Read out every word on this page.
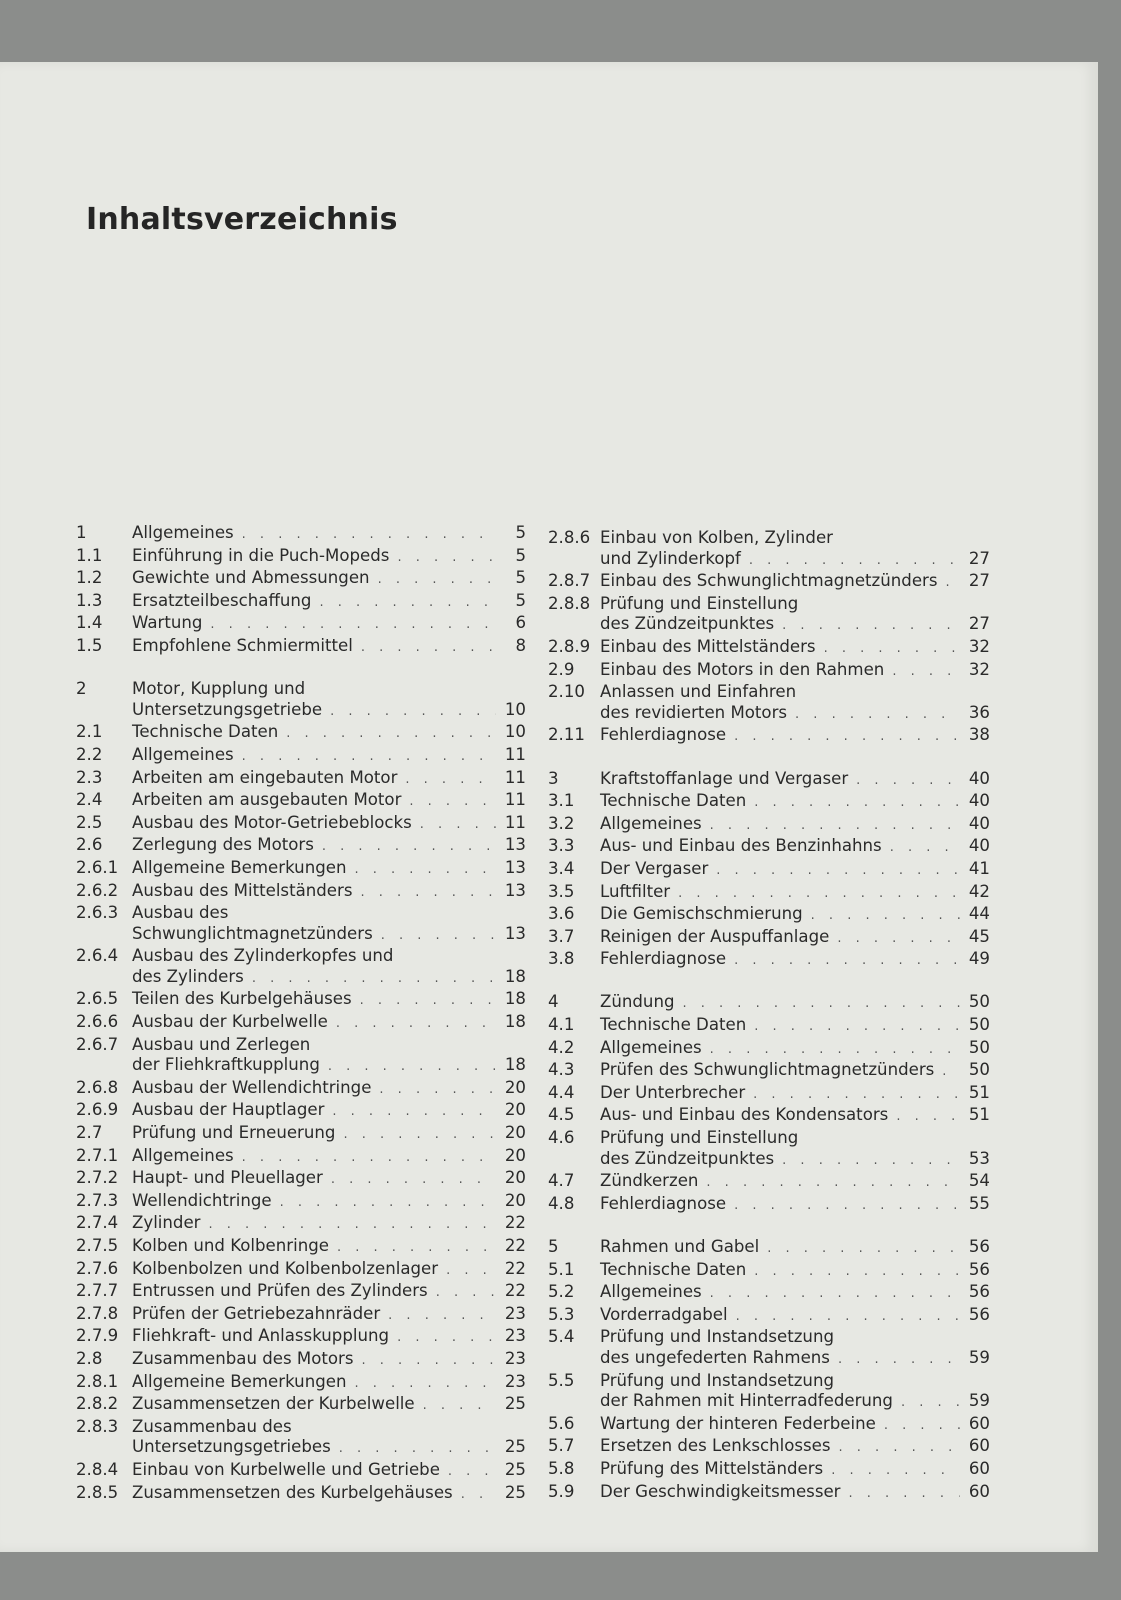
Inhaltsverzeichnis
1	Allgemeines . . .	5
1.1	Einführung in die Puch-Mopeds . . .	5
1.2	Gewichte und Abmessungen . . .	5
1.3	Ersatzteilbeschaffung . . .	5
1.4	Wartung . . .	6
1.5	Empfohlene Schmiermittel . . .	8
2	Motor, Kupplung und
Untersetzungsgetriebe . . .	10
2.1	Technische Daten . . .	10
2.2	Allgemeines . . .	11
2.3	Arbeiten am eingebauten Motor . . .	11
2.4	Arbeiten am ausgebauten Motor . . .	11
2.5	Ausbau des Motor-Getriebeblocks . . .	11
2.6	Zerlegung des Motors . . .	13
2.6.1 Allgemeine Bemerkungen . . .	13
2.6.2 Ausbau des Mittelständers . . .	13
2.6.3 Ausbau des
Schwunglichtmagnetzünders . . .	13
2.6.4 Ausbau des Zylinderkopfes und
des Zylinders . . .	18
2.6.5 Teilen des Kurbelgehäuses . . .	18
2.6.6 Ausbau der Kurbelwelle . . .	18
2.6.7 Ausbau und Zerlegen
der Fliehkraftkupplung . . .	18
2.6.8 Ausbau der Wellendichtringe . . .	20
2.6.9 Ausbau der Hauptlager . . .	20
2.7	Prüfung und Erneuerung . . .	20
2.7.1 Allgemeines . . .	20
2.7.2 Haupt- und Pleuellager . . .	20
2.7.3 Wellendichtringe . . .	20
2.7.4 Zylinder . . .	22
2.7.5 Kolben und Kolbenringe . . .	22
2.7.6 Kolbenbolzen und Kolbenbolzenlager . . .	22
2.7.7 Entrussen und Prüfen des Zylinders . . .	22
2.7.8 Prüfen der Getriebezahnräder . . .	23
2.7.9 Fliehkraft- und Anlasskupplung . . .	23
2.8	Zusammenbau des Motors . . .	23
2.8.1 Allgemeine Bemerkungen . . .	23
2.8.2 Zusammensetzen der Kurbelwelle . . .	25
2.8.3 Zusammenbau des
Untersetzungsgetriebes . . .	25
2.8.4 Einbau von Kurbelwelle und Getriebe . . .	25
2.8.5 Zusammensetzen des Kurbelgehäuses . . .	25
2.8.6 Einbau von Kolben, Zylinder
und Zylinderkopf . . .	27
2.8.7 Einbau des Schwunglichtmagnetzünders . . . 27
2.8.8 Prüfung und Einstellung
des Zündzeitpunktes . . .	27
2.8.9 Einbau des Mittelständers . . .	32
2.9	Einbau des Motors in den Rahmen . . .	32
2.10 Anlassen und Einfahren
des revidierten Motors . . .	36
2.11 Fehlerdiagnose . . .	38
3	Kraftstoffanlage und Vergaser . . .	40
3.1	Technische Daten . . .	40
3.2	Allgemeines . . .	40
3.3	Aus- und Einbau des Benzinhahns . . .	40
3.4	Der Vergaser . . .	41
3.5	Luftfilter . . .	42
3.6	Die Gemischschmierung . . .	44
3.7	Reinigen der Auspuffanlage . . .	45
3.8	Fehlerdiagnose . . .	49
4	Zündung . . .	50
4.1	Technische Daten . . .	50
4.2	Allgemeines . . .	50
4.3	Prüfen des Schwunglichtmagnetzünders . . . 50
4.4	Der Unterbrecher . . .	51
4.5	Aus- und Einbau des Kondensators . . .	51
4.6	Prüfung und Einstellung
des Zündzeitpunktes . . .	53
4.7	Zündkerzen . . .	54
4.8	Fehlerdiagnose . . .	55
5	Rahmen und Gabel . . .	56
5.1	Technische Daten . . .	56
5.2	Allgemeines . . .	56
5.3	Vorderradgabel . . .	56
5.4	Prüfung und Instandsetzung
des ungefederten Rahmens . . .	59
5.5	Prüfung und Instandsetzung
der Rahmen mit Hinterradfederung . . .	59
5.6	Wartung der hinteren Federbeine . . .	60
5.7	Ersetzen des Lenkschlosses . . .	60
5.8	Prüfung des Mittelständers . . .	60
5.9	Der Geschwindigkeitsmesser . . .	60
